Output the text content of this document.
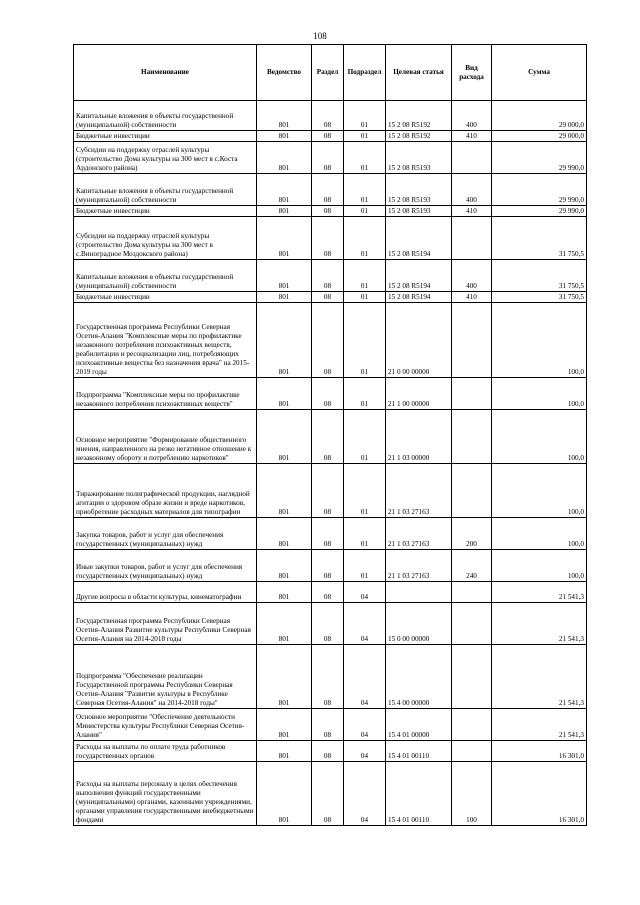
108
Наименование	Ведомство	Раздел	Подраздел	Целевая статья	Вид расхода	Сумма
Капитальные вложения в объекты государственной (муниципальной) собственности	801	08	01	15 2 08 R5192	400	29 000,0
Бюджетные инвестиции	801	08	01	15 2 08 R5192	410	29 000,0
Субсидии на поддержку отраслей культуры (строительство Дома культуры на 300 мест в с.Коста Ардонского района)	801	08	01	15 2 08 R5193		29 990,0
Капитальные вложения в объекты государственной (муниципальной) собственности	801	08	01	15 2 08 R5193	400	29 990,0
Бюджетные инвестиции	801	08	01	15 2 08 R5193	410	29 990,0
Субсидии на поддержку отраслей культуры (строительство Дома культуры на 300 мест в с.Виноградное Моздокского района)	801	08	01	15 2 08 R5194		31 750,5
Капитальные вложения в объекты государственной (муниципальной) собственности	801	08	01	15 2 08 R5194	400	31 750,5
Бюджетные инвестиции	801	08	01	15 2 08 R5194	410	31 750,5
Государственная программа Республики Северная Осетия-Алания "Комплексные меры по профилактике незаконного потребления психоактивных веществ, реабилитации и ресоциализации лиц, потребляющих психоактивные вещества без назначения врача" на 2015-2019 годы	801	08	01	21 0 00 00000		100,0
Подпрограмма "Комплексные меры по профилактике незаконного потребления психоактивных веществ"	801	08	01	21 1 00 00000		100,0
Основное мероприятие "Формирование общественного мнения, направленного на резко негативное отношение к незаконному обороту и потреблению наркотиков"	801	08	01	21 1 03 00000		100,0
Тиражирование полиграфической продукции, наглядной агитации о здоровом образе жизни и вреде наркотиков, приобретение расходных материалов для типографии	801	08	01	21 1 03 27163		100,0
Закупка товаров, работ и услуг для обеспечения государственных (муниципальных) нужд	801	08	01	21 1 03 27163	200	100,0
Иные закупки товаров, работ и услуг для обеспечения государственных (муниципальных) нужд	801	08	01	21 1 03 27163	240	100,0
Другие вопросы в области культуры, кинематографии	801	08	04			21 541,3
Государственная программа Республики Северная Осетия-Алания Развитие культуры Республики Северная Осетия-Алания на 2014-2018 годы	801	08	04	15 0 00 00000		21 541,3
Подпрограмма "Обеспечение реализации Государственной программы Республики Северная Осетия-Алания "Развитие культуры в Республике Северная Осетия-Алания" на 2014-2018 годы"	801	08	04	15 4 00 00000		21 541,3
Основное мероприятие "Обеспечение деятельности Министерства культуры Республики Северная Осетия-Алания"	801	08	04	15 4 01 00000		21 541,3
Расходы на выплаты по оплате труда работников государственных органов	801	08	04	15 4 01 00110		16 301,0
Расходы на выплаты персоналу в целях обеспечения выполнения функций государственными (муниципальными) органами, казенными учреждениями, органами управления государственными внебюджетными фондами	801	08	04	15 4 01 00110	100	16 301,0
